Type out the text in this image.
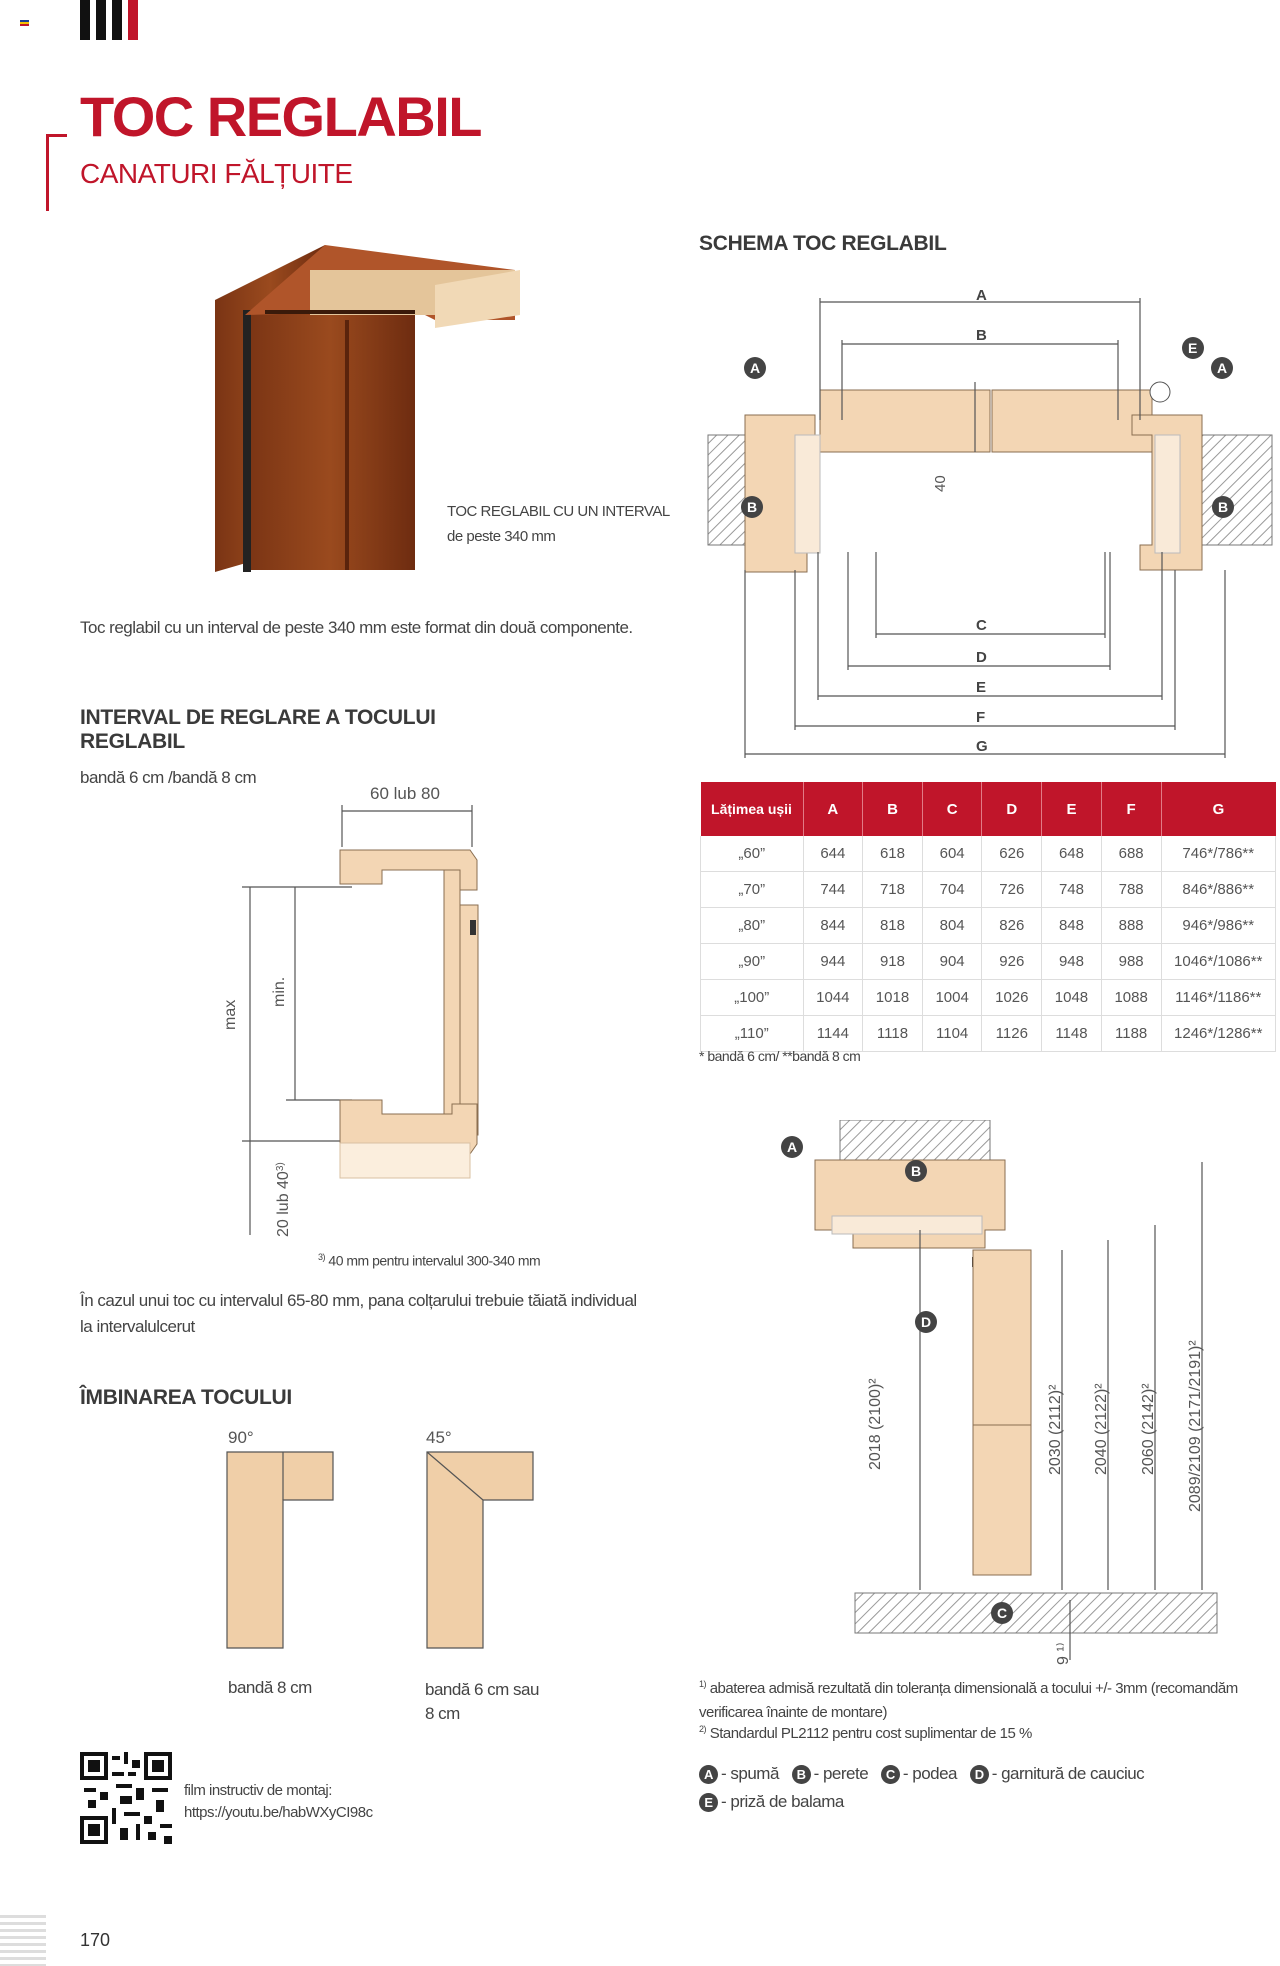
TOC REGLABIL
CANATURI FĂLȚUITE
TOC REGLABIL CU UN INTERVAL
de peste 340 mm
Toc reglabil cu un interval de peste 340 mm este format din două componente.
INTERVAL DE REGLARE A TOCULUI
REGLABIL
bandă 6 cm /bandă 8 cm
60 lub 80
max
min.
20 lub 40$^{3)}$
$^{3)}$ 40 mm pentru intervalul 300-340 mm
În cazul unui toc cu intervalul 65-80 mm, pana colțarului trebuie tăiată individual la intervalulcerut
ÎMBINAREA TOCULUI
90°	45°
bandă 8 cm	bandă 6 cm sau 8 cm
film instructiv de montaj:
https://youtu.be/habWXyCI98c
SCHEMA TOC REGLABIL
A
B
C
D
E
F
G
40
A	A
E
B	B
Lățimea ușii	A	B	C	D	E	F	G
„60”	644	618	604	626	648	688	746*/786**
„70”	744	718	704	726	748	788	846*/886**
„80”	844	818	804	826	848	888	946*/986**
„90”	944	918	904	926	948	988	1046*/1086**
„100”	1044	1018	1004	1026	1048	1088	1146*/1186**
„110”	1144	1118	1104	1126	1148	1188	1246*/1286**
* bandă 6 cm/ **bandă 8 cm
2018 (2100)²	2030 (2112)² 2040 (2122)² 2060 (2142)² 2089/2109 (2171/2191)²
9 ¹⁾
A
B
D
C
$^{1)}$ abaterea admisă rezultată din toleranța dimensională a tocului +/- 3mm (recomandăm verificarea înainte de montare)
$^{2)}$ Standardul PL2112 pentru cost suplimentar de 15 %
A - spumă B - perete C - podea D - garnitură de cauciuc
E - priză de balama
170
